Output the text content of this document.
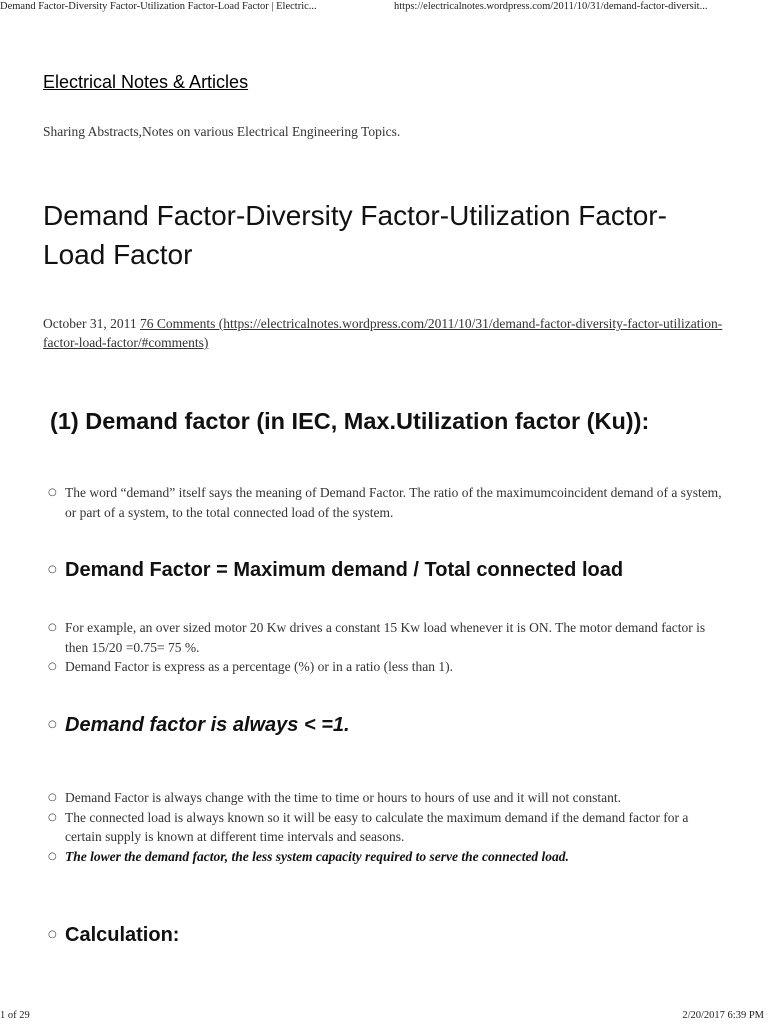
Demand Factor-Diversity Factor-Utilization Factor-Load Factor | Electric...	https://electricalnotes.wordpress.com/2011/10/31/demand-factor-diversit...
Electrical Notes & Articles
Sharing Abstracts,Notes on various Electrical Engineering Topics.
Demand Factor-Diversity Factor-Utilization Factor-Load Factor
October 31, 2011 76 Comments (https://electricalnotes.wordpress.com/2011/10/31/demand-factor-diversity-factor-utilization-factor-load-factor/#comments)
(1) Demand factor (in IEC, Max.Utilization factor (Ku)):
○ The word “demand” itself says the meaning of Demand Factor. The ratio of the maximumcoincident demand of a system, or part of a system, to the total connected load of the system.
○ Demand Factor = Maximum demand / Total connected load
○ For example, an over sized motor 20 Kw drives a constant 15 Kw load whenever it is ON. The motor demand factor is then 15/20 =0.75= 75 %.
○ Demand Factor is express as a percentage (%) or in a ratio (less than 1).
○ Demand factor is always < =1.
○ Demand Factor is always change with the time to time or hours to hours of use and it will not constant.
○ The connected load is always known so it will be easy to calculate the maximum demand if the demand factor for a certain supply is known at different time intervals and seasons.
○ The lower the demand factor, the less system capacity required to serve the connected load.
○ Calculation:
1 of 29	2/20/2017 6:39 PM
